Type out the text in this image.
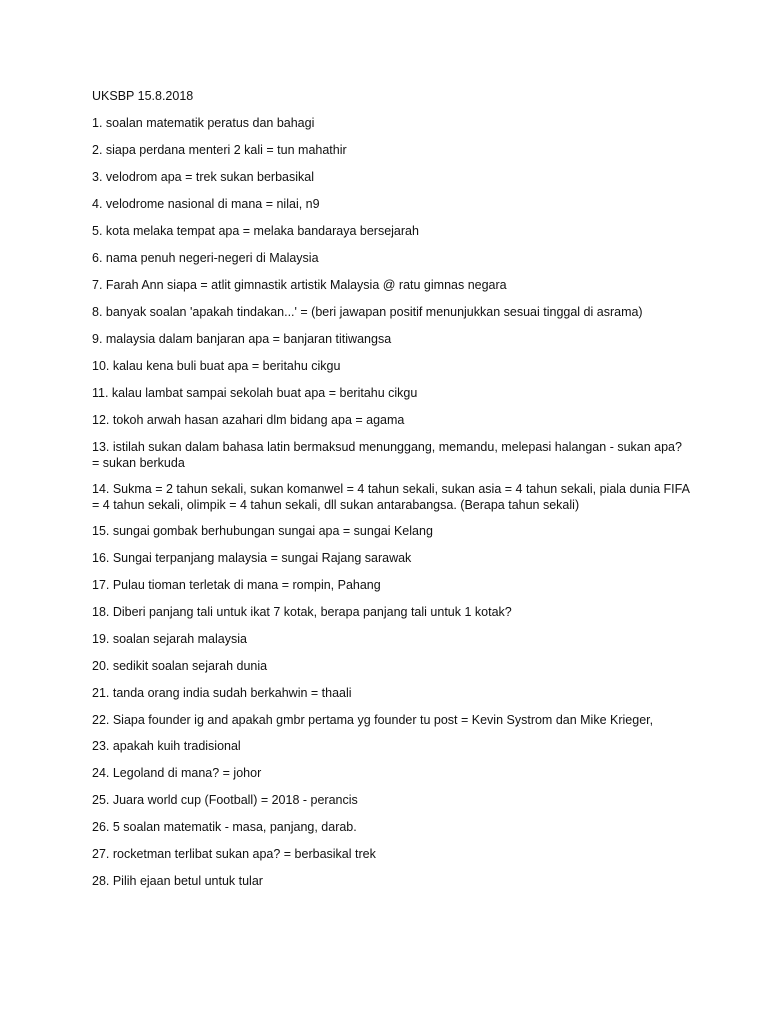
UKSBP 15.8.2018
1. soalan matematik peratus dan bahagi
2. siapa perdana menteri 2 kali = tun mahathir
3. velodrom apa = trek sukan berbasikal
4. velodrome nasional di mana = nilai, n9
5. kota melaka tempat apa = melaka bandaraya bersejarah
6. nama penuh negeri-negeri di Malaysia
7. Farah Ann siapa = atlit gimnastik artistik Malaysia @ ratu gimnas negara
8. banyak soalan 'apakah tindakan...' = (beri jawapan positif menunjukkan sesuai tinggal di asrama)
9. malaysia dalam banjaran apa = banjaran titiwangsa
10. kalau kena buli buat apa = beritahu cikgu
11. kalau lambat sampai sekolah buat apa = beritahu cikgu
12. tokoh arwah hasan azahari dlm bidang apa = agama
13. istilah sukan dalam bahasa latin bermaksud menunggang, memandu, melepasi halangan - sukan apa? = sukan berkuda
14. Sukma = 2 tahun sekali, sukan komanwel = 4 tahun sekali, sukan asia = 4 tahun sekali, piala dunia FIFA = 4 tahun sekali, olimpik = 4 tahun sekali, dll sukan antarabangsa. (Berapa tahun sekali)
15. sungai gombak berhubungan sungai apa = sungai Kelang
16. Sungai terpanjang malaysia = sungai Rajang sarawak
17. Pulau tioman terletak di mana = rompin, Pahang
18. Diberi panjang tali untuk ikat 7 kotak, berapa panjang tali untuk 1 kotak?
19. soalan sejarah malaysia
20. sedikit soalan sejarah dunia
21. tanda orang india sudah berkahwin = thaali
22. Siapa founder ig and apakah gmbr pertama yg founder tu post = Kevin Systrom dan Mike Krieger,
23. apakah kuih tradisional
24. Legoland di mana? = johor
25. Juara world cup (Football) = 2018 - perancis
26. 5 soalan matematik - masa, panjang, darab.
27. rocketman terlibat sukan apa? = berbasikal trek
28. Pilih ejaan betul untuk tular
